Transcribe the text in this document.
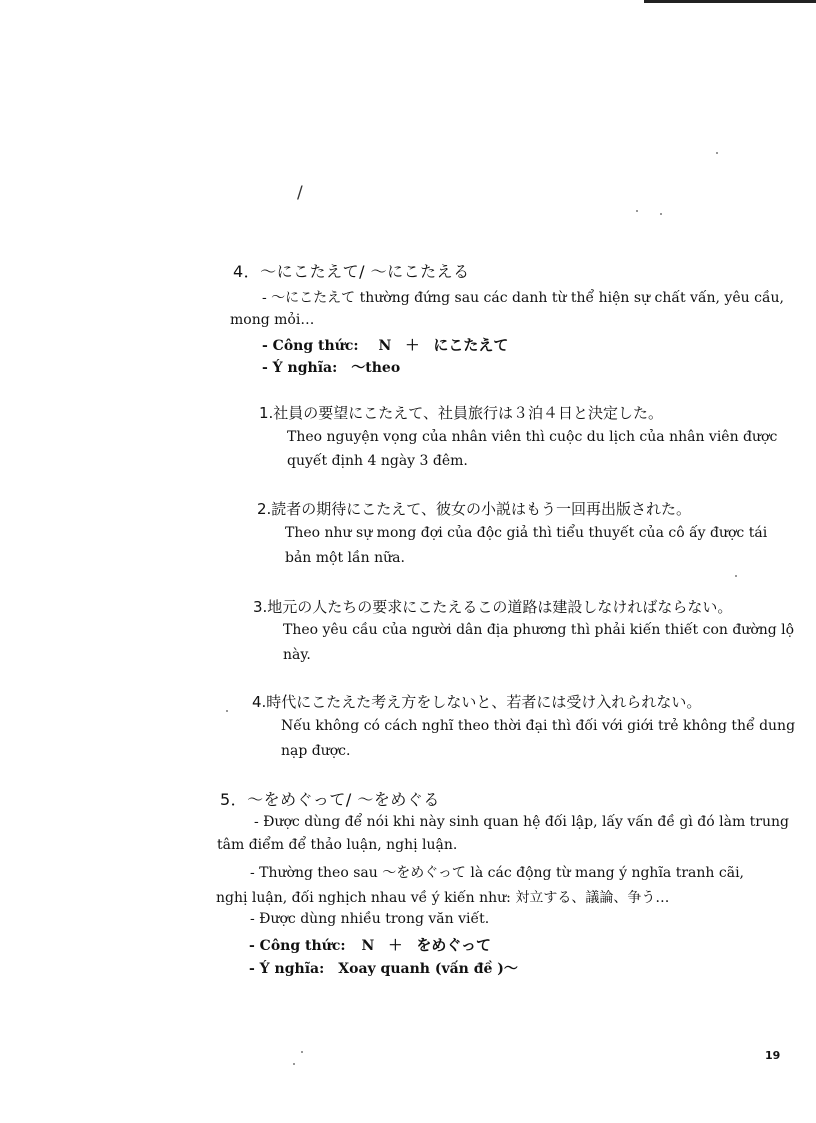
/
4．～にこたえて/ ～にこたえる
- ～にこたえて thường đứng sau các danh từ thể hiện sự chất vấn, yêu cầu,
mong mỏi…
- Công thức: N ＋ にこたえて
- Ý nghĩa: ～theo
1.社員の要望にこたえて、社員旅行は３泊４日と決定した。
Theo nguyện vọng của nhân viên thì cuộc du lịch của nhân viên được
quyết định 4 ngày 3 đêm.
2.読者の期待にこたえて、彼女の小説はもう一回再出版された。
Theo như sự mong đợi của độc giả thì tiểu thuyết của cô ấy được tái
bản một lần nữa.
3.地元の人たちの要求にこたえるこの道路は建設しなければならない。
Theo yêu cầu của người dân địa phương thì phải kiến thiết con đường lộ
này.
4.時代にこたえた考え方をしないと、若者には受け入れられない。
Nếu không có cách nghĩ theo thời đại thì đối với giới trẻ không thể dung
nạp được.
5．～をめぐって/ ～をめぐる
- Được dùng để nói khi này sinh quan hệ đối lập, lấy vấn đề gì đó làm trung
tâm điểm để thảo luận, nghị luận.
- Thường theo sau ～をめぐって là các động từ mang ý nghĩa tranh cãi,
nghị luận, đối nghịch nhau về ý kiến như: 対立する、議論、争う…
- Được dùng nhiều trong văn viết.
- Công thức: N ＋ をめぐって
- Ý nghĩa: Xoay quanh (vấn đề )～
19
